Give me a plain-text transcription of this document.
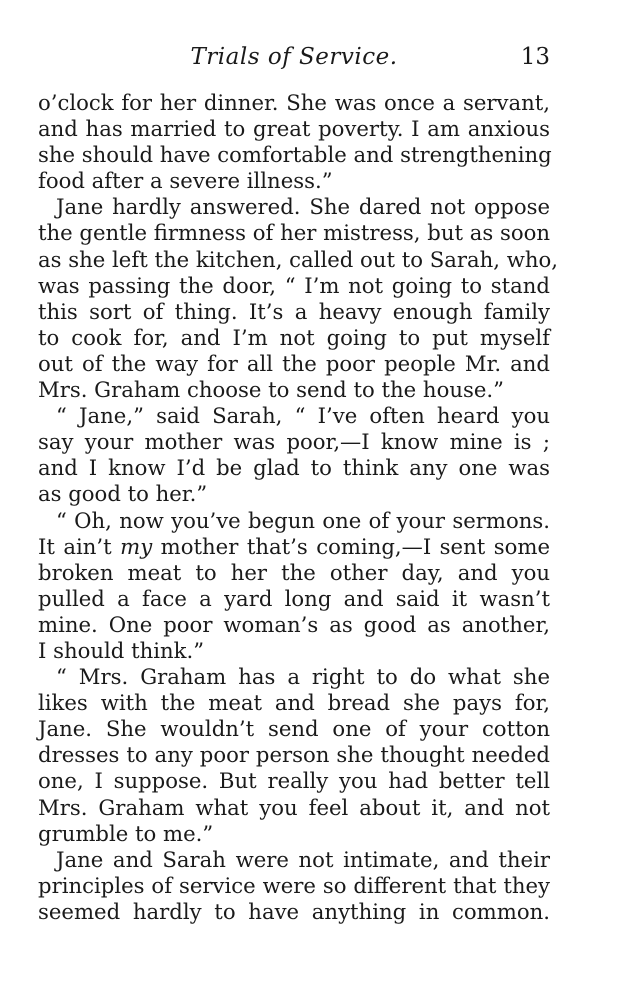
Trials of Service.	13
o’clock for her dinner. She was once a servant,
and has married to great poverty. I am anxious
she should have comfortable and strengthening
food after a severe illness.”
Jane hardly answered. She dared not oppose
the gentle firmness of her mistress, but as soon
as she left the kitchen, called out to Sarah, who,
was passing the door, “ I’m not going to stand
this sort of thing. It’s a heavy enough family
to cook for, and I’m not going to put myself
out of the way for all the poor people Mr. and
Mrs. Graham choose to send to the house.”
“ Jane,” said Sarah, “ I’ve often heard you
say your mother was poor,—I know mine is ;
and I know I’d be glad to think any one was
as good to her.”
“ Oh, now you’ve begun one of your sermons.
It ain’t my mother that’s coming,—I sent some
broken meat to her the other day, and you
pulled a face a yard long and said it wasn’t
mine. One poor woman’s as good as another,
I should think.”
“ Mrs. Graham has a right to do what she
likes with the meat and bread she pays for,
Jane. She wouldn’t send one of your cotton
dresses to any poor person she thought needed
one, I suppose. But really you had better tell
Mrs. Graham what you feel about it, and not
grumble to me.”
Jane and Sarah were not intimate, and their
principles of service were so different that they
seemed hardly to have anything in common.
